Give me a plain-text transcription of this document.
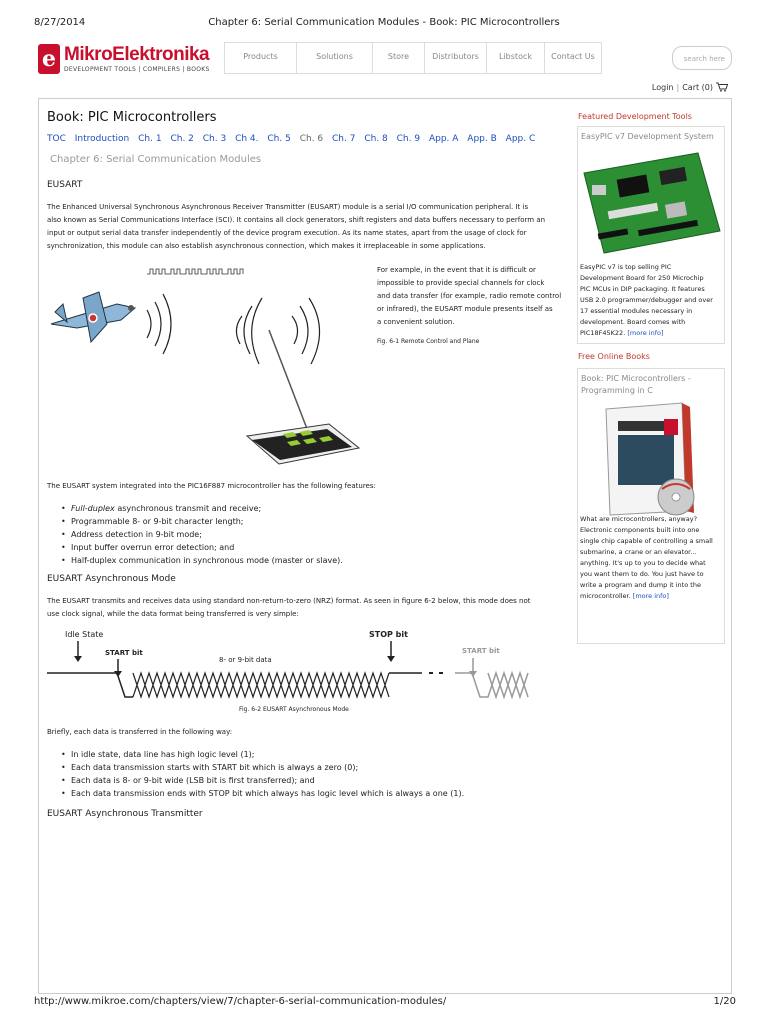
8/27/2014	Chapter 6: Serial Communication Modules - Book: PIC Microcontrollers
e MikroElektronika
DEVELOPMENT TOOLS | COMPILERS | BOOKS
Products	Solutions	Store	Distributors	Libstock	Contact Us	search here
Login | Cart (0)
Book: PIC Microcontrollers
TOC Introduction Ch. 1 Ch. 2 Ch. 3 Ch 4. Ch. 5 Ch. 6 Ch. 7 Ch. 8 Ch. 9 App. A App. B App. C
Chapter 6: Serial Communication Modules
EUSART
The Enhanced Universal Synchronous Asynchronous Receiver Transmitter (EUSART) module is a serial I/O communication peripheral. It is
also known as Serial Communications Interface (SCI). It contains all clock generators, shift registers and data buffers necessary to perform an
input or output serial data transfer independently of the device program execution. As its name states, apart from the usage of clock for
synchronization, this module can also establish asynchronous connection, which makes it irreplaceable in some applications.
For example, in the event that it is difficult or
impossible to provide special channels for clock
and data transfer (for example, radio remote control
or infrared), the EUSART module presents itself as
a convenient solution.
Fig. 6-1 Remote Control and Plane
The EUSART system integrated into the PIC16F887 microcontroller has the following features:
• Full-duplex asynchronous transmit and receive;
• Programmable 8- or 9-bit character length;
• Address detection in 9-bit mode;
• Input buffer overrun error detection; and
• Half-duplex communication in synchronous mode (master or slave).
EUSART Asynchronous Mode
The EUSART transmits and receives data using standard non-return-to-zero (NRZ) format. As seen in figure 6-2 below, this mode does not
use clock signal, while the data format being transferred is very simple:
Idle State
START bit
8- or 9-bit data
STOP bit
START bit
Fig. 6-2 EUSART Asynchronous Mode
Briefly, each data is transferred in the following way:
• In idle state, data line has high logic level (1);
• Each data transmission starts with START bit which is always a zero (0);
• Each data is 8- or 9-bit wide (LSB bit is first transferred); and
• Each data transmission ends with STOP bit which always has logic level which is always a one (1).
EUSART Asynchronous Transmitter
Featured Development Tools
EasyPIC v7 Development System
EasyPIC v7 is top selling PIC
Development Board for 250 Microchip
PIC MCUs in DIP packaging. It features
USB 2.0 programmer/debugger and over
17 essential modules necessary in
development. Board comes with
PIC18F45K22. [more info]
Free Online Books
Book: PIC Microcontrollers -
Programming in C
What are microcontrollers, anyway?
Electronic components built into one
single chip capable of controlling a small
submarine, a crane or an elevator...
anything. It's up to you to decide what
you want them to do. You just have to
write a program and dump it into the
microcontroller. [more info]
http://www.mikroe.com/chapters/view/7/chapter-6-serial-communication-modules/	1/20
